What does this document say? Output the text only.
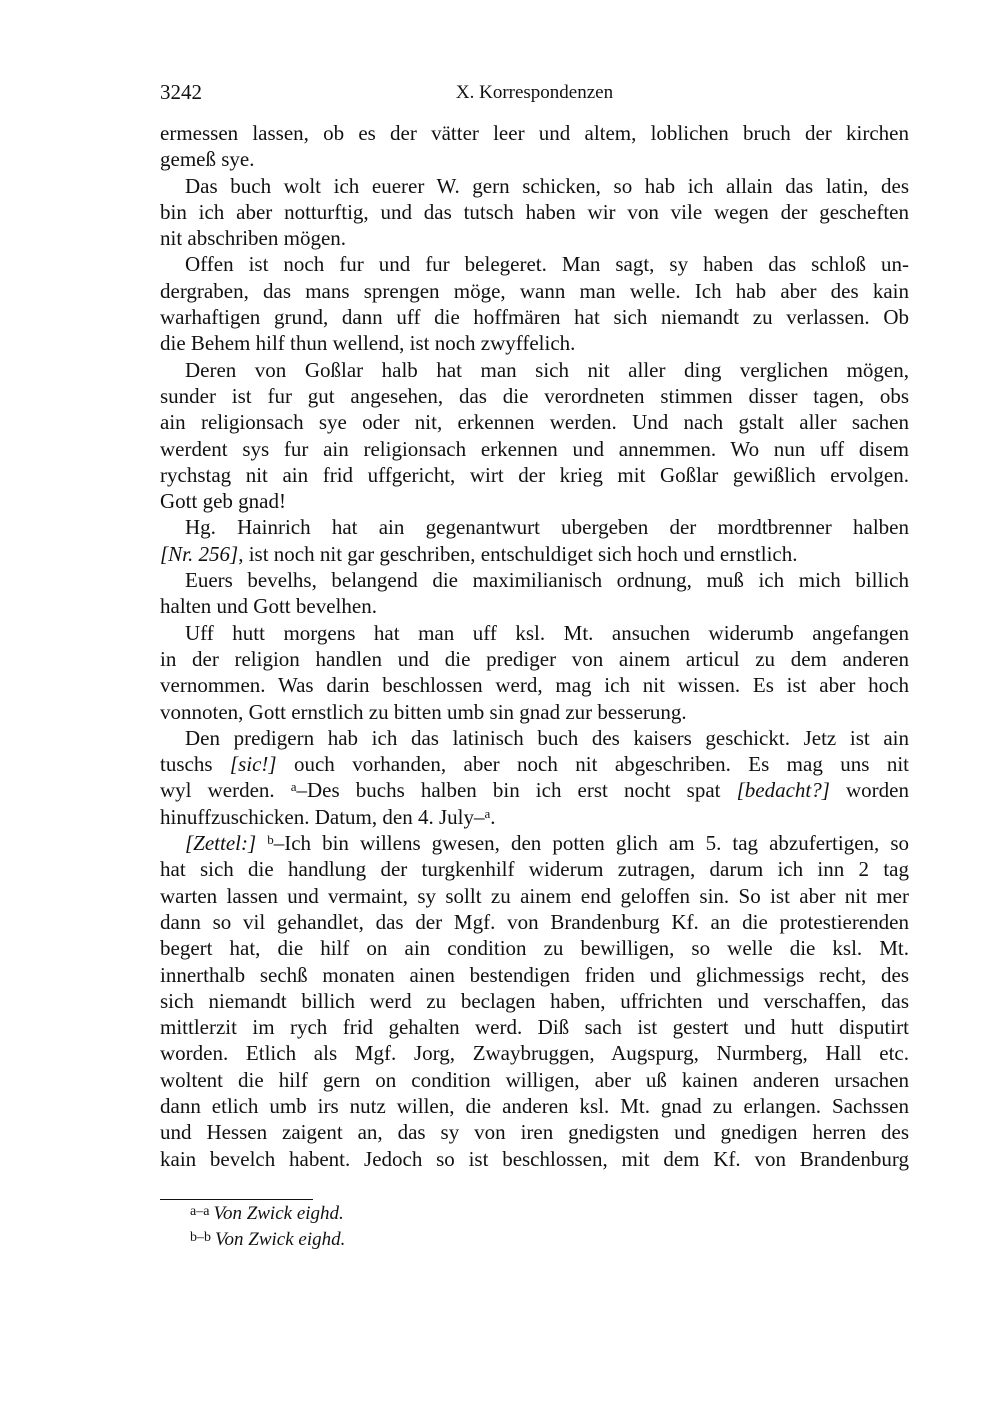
3242	X. Korrespondenzen
ermessen lassen, ob es der vätter leer und altem, loblichen bruch der kirchen
gemeß sye.
Das buch wolt ich euerer W. gern schicken, so hab ich allain das latin, des
bin ich aber notturftig, und das tutsch haben wir von vile wegen der gescheften
nit abschriben mögen.
Offen ist noch fur und fur belegeret. Man sagt, sy haben das schloß un-
dergraben, das mans sprengen möge, wann man welle. Ich hab aber des kain
warhaftigen grund, dann uff die hoffmären hat sich niemandt zu verlassen. Ob
die Behem hilf thun wellend, ist noch zwyffelich.
Deren von Goßlar halb hat man sich nit aller ding verglichen mögen,
sunder ist fur gut angesehen, das die verordneten stimmen disser tagen, obs
ain religionsach sye oder nit, erkennen werden. Und nach gstalt aller sachen
werdent sys fur ain religionsach erkennen und annemmen. Wo nun uff disem
rychstag nit ain frid uffgericht, wirt der krieg mit Goßlar gewißlich ervolgen.
Gott geb gnad!
Hg. Hainrich hat ain gegenantwurt ubergeben der mordtbrenner halben
[Nr. 256], ist noch nit gar geschriben, entschuldiget sich hoch und ernstlich.
Euers bevelhs, belangend die maximilianisch ordnung, muß ich mich billich
halten und Gott bevelhen.
Uff hutt morgens hat man uff ksl. Mt. ansuchen widerumb angefangen
in der religion handlen und die prediger von ainem articul zu dem anderen
vernommen. Was darin beschlossen werd, mag ich nit wissen. Es ist aber hoch
vonnoten, Gott ernstlich zu bitten umb sin gnad zur besserung.
Den predigern hab ich das latinisch buch des kaisers geschickt. Jetz ist ain
tuschs [sic!] ouch vorhanden, aber noch nit abgeschriben. Es mag uns nit
wyl werden. $^a$–Des buchs halben bin ich erst nocht spat [bedacht?] worden
hinuffzuschicken. Datum, den 4. July–$^a$.
[Zettel:] $^b$–Ich bin willens gwesen, den potten glich am 5. tag abzufertigen, so
hat sich die handlung der turgkenhilf widerum zutragen, darum ich inn 2 tag
warten lassen und vermaint, sy sollt zu ainem end geloffen sin. So ist aber nit mer
dann so vil gehandlet, das der Mgf. von Brandenburg Kf. an die protestierenden
begert hat, die hilf on ain condition zu bewilligen, so welle die ksl. Mt.
innerthalb sechß monaten ainen bestendigen friden und glichmessigs recht, des
sich niemandt billich werd zu beclagen haben, uffrichten und verschaffen, das
mittlerzit im rych frid gehalten werd. Diß sach ist gestert und hutt disputirt
worden. Etlich als Mgf. Jorg, Zwaybruggen, Augspurg, Nurmberg, Hall etc.
woltent die hilf gern on condition willigen, aber uß kainen anderen ursachen
dann etlich umb irs nutz willen, die anderen ksl. Mt. gnad zu erlangen. Sachssen
und Hessen zaigent an, das sy von iren gnedigsten und gnedigen herren des
kain bevelch habent. Jedoch so ist beschlossen, mit dem Kf. von Brandenburg
$^{a-a}$ Von Zwick eighd.
$^{b-b}$ Von Zwick eighd.
